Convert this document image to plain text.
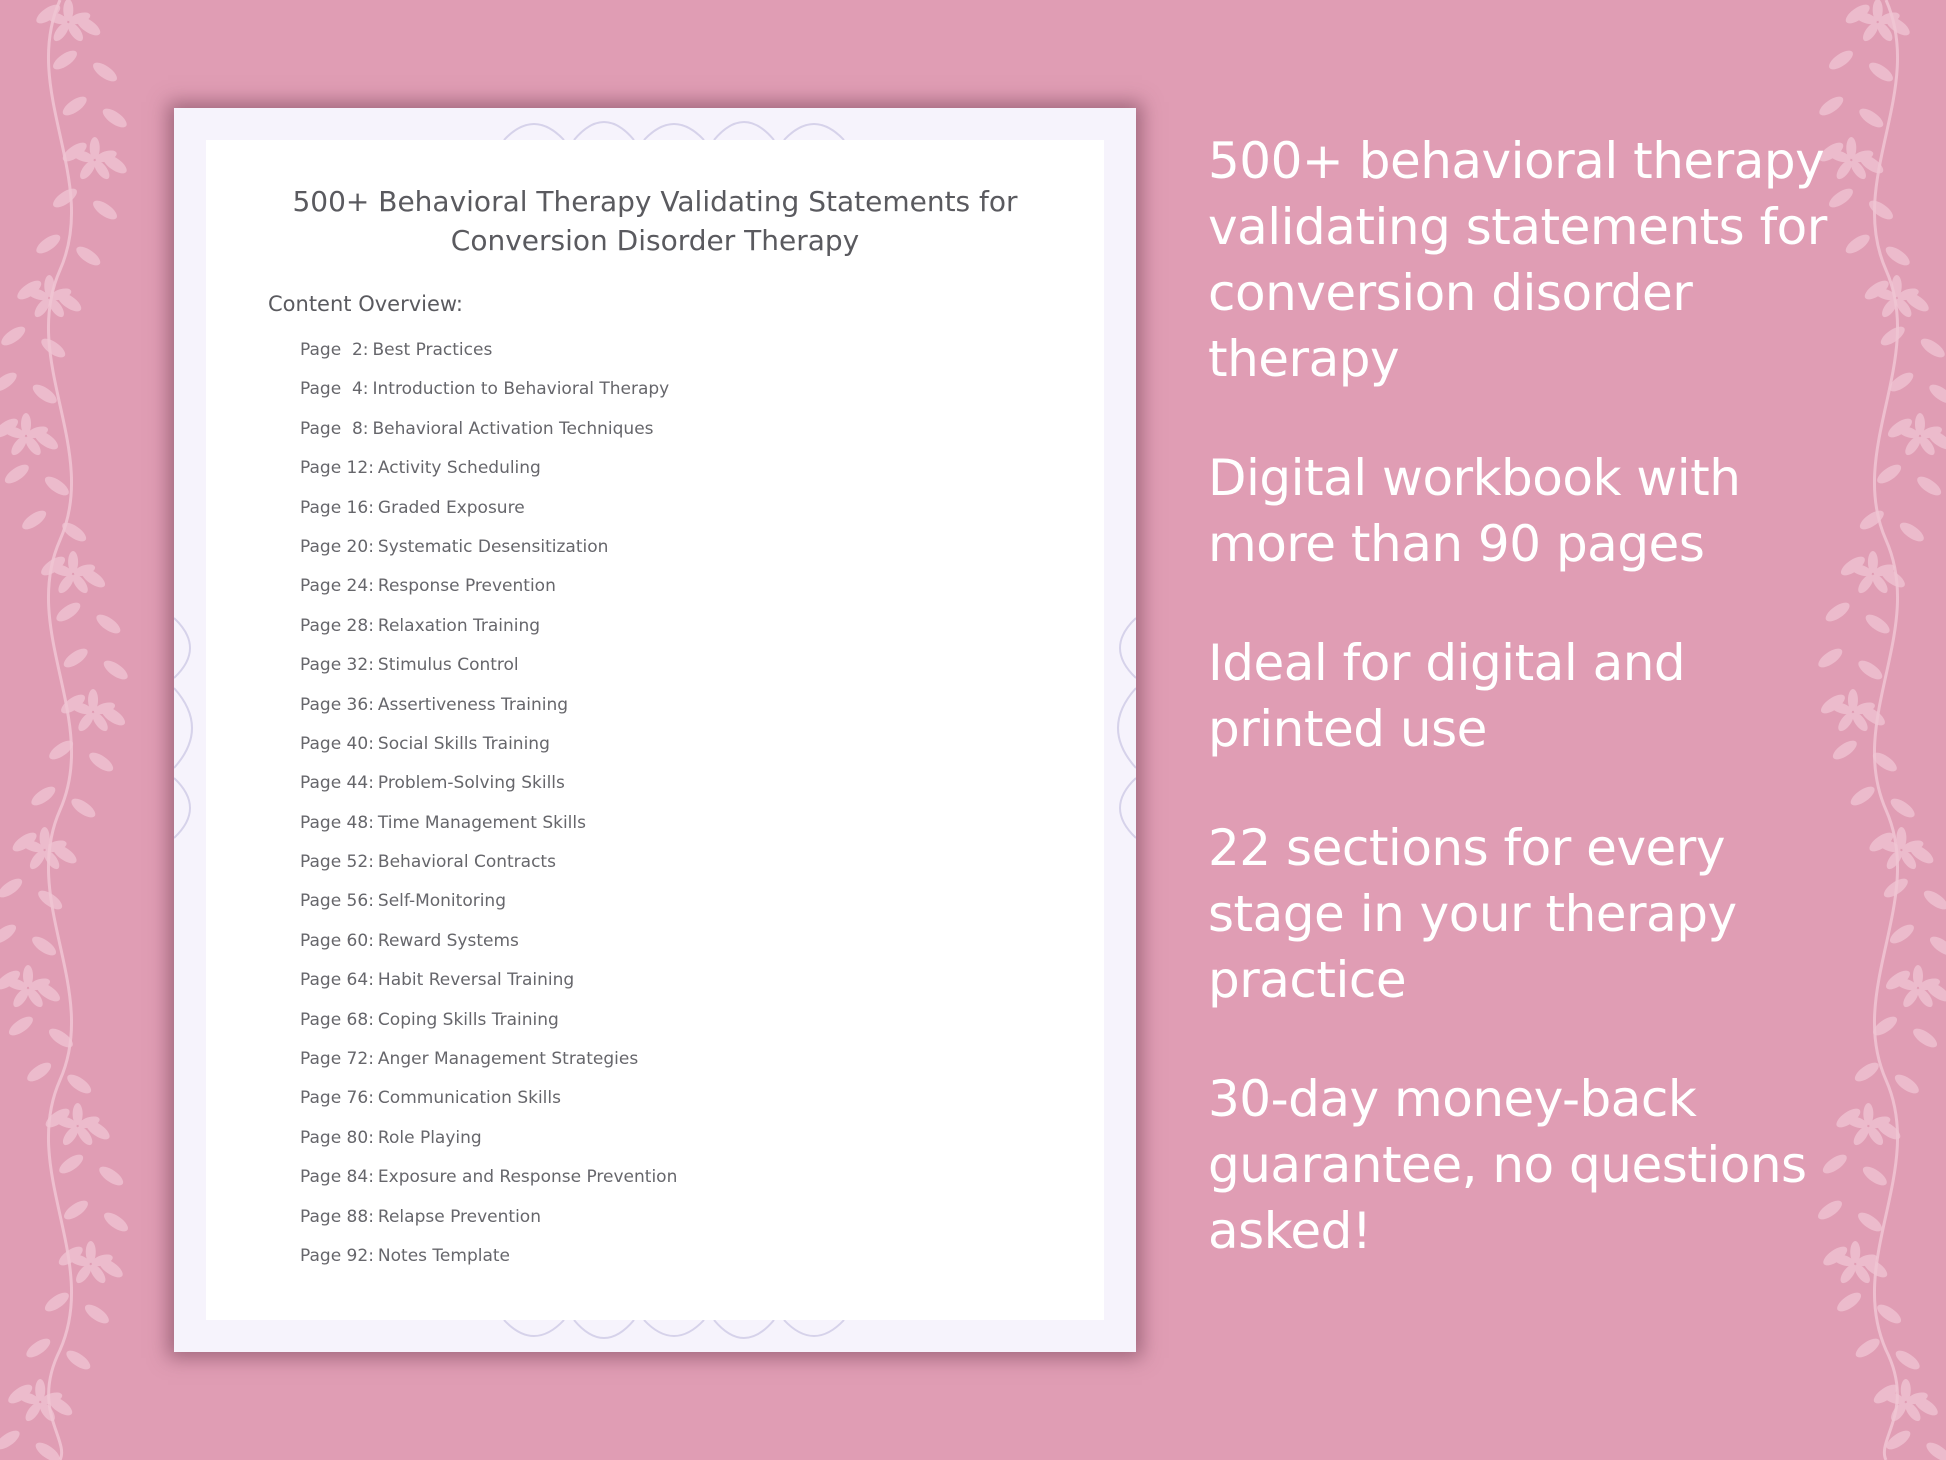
500+ Behavioral Therapy Validating Statements for Conversion Disorder Therapy
Content Overview:
Page  2: Best Practices
Page  4: Introduction to Behavioral Therapy
Page  8: Behavioral Activation Techniques
Page 12: Activity Scheduling
Page 16: Graded Exposure
Page 20: Systematic Desensitization
Page 24: Response Prevention
Page 28: Relaxation Training
Page 32: Stimulus Control
Page 36: Assertiveness Training
Page 40: Social Skills Training
Page 44: Problem-Solving Skills
Page 48: Time Management Skills
Page 52: Behavioral Contracts
Page 56: Self-Monitoring
Page 60: Reward Systems
Page 64: Habit Reversal Training
Page 68: Coping Skills Training
Page 72: Anger Management Strategies
Page 76: Communication Skills
Page 80: Role Playing
Page 84: Exposure and Response Prevention
Page 88: Relapse Prevention
Page 92: Notes Template
500+ behavioral therapy validating statements for conversion disorder therapy
Digital workbook with more than 90 pages
Ideal for digital and printed use
22 sections for every stage in your therapy practice
30-day money-back guarantee, no questions asked!
